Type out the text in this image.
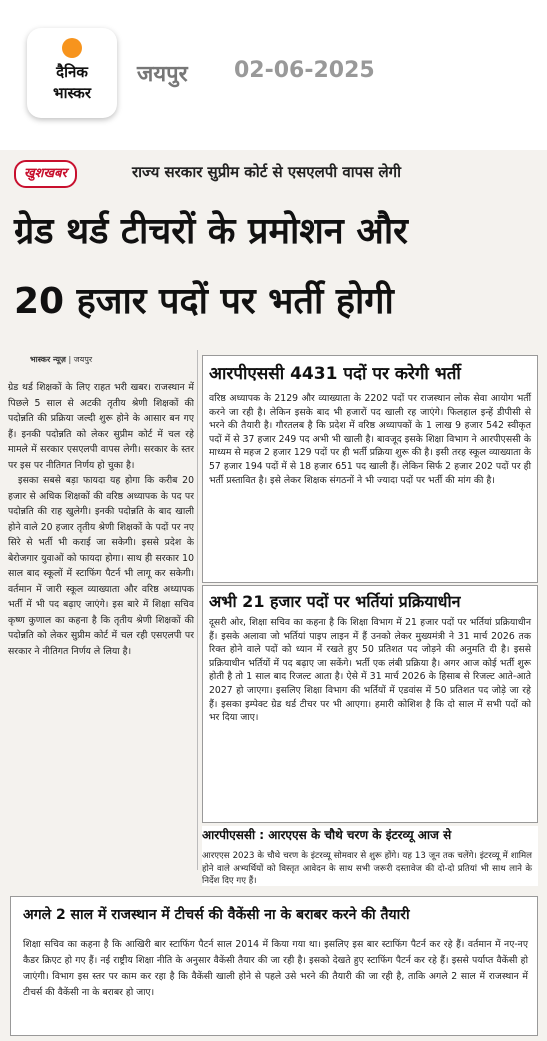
दैनिक
भास्कर
जयपुर 02-06-2025
खुशखबर	राज्य सरकार सुप्रीम कोर्ट से एसएलपी वापस लेगी
ग्रेड थर्ड टीचरों के प्रमोशन और
20 हजार पदों पर भर्ती होगी
भास्कर न्यूज़ | जयपुर

ग्रेड थर्ड शिक्षकों के लिए राहत भरी खबर। राजस्थान में पिछले 5 साल से अटकी तृतीय श्रेणी शिक्षकों की पदोन्नति की प्रक्रिया जल्दी शुरू होने के आसार बन गए हैं। इनकी पदोन्नति को लेकर सुप्रीम कोर्ट में चल रहे मामले में सरकार एसएलपी वापस लेगी। सरकार के स्तर पर इस पर नीतिगत निर्णय हो चुका है।

इसका सबसे बड़ा फायदा यह होगा कि करीब 20 हजार से अधिक शिक्षकों की वरिष्ठ अध्यापक के पद पर पदोन्नति की राह खुलेगी। इनकी पदोन्नति के बाद खाली होने वाले 20 हजार तृतीय श्रेणी शिक्षकों के पदों पर नए सिरे से भर्ती भी कराई जा सकेगी। इससे प्रदेश के बेरोजगार युवाओं को फायदा होगा। साथ ही सरकार 10 साल बाद स्कूलों में स्टाफिंग पैटर्न भी लागू कर सकेगी। वर्तमान में जारी स्कूल व्याख्याता और वरिष्ठ अध्यापक भर्ती में भी पद बढ़ाए जाएंगे। इस बारे में शिक्षा सचिव कृष्ण कुणाल का कहना है कि तृतीय श्रेणी शिक्षकों की पदोन्नति को लेकर सुप्रीम कोर्ट में चल रही एसएलपी पर सरकार ने नीतिगत निर्णय ले लिया है।

आरपीएससी 4431 पदों पर करेगी भर्ती
वरिष्ठ अध्यापक के 2129 और व्याख्याता के 2202 पदों पर राजस्थान लोक सेवा आयोग भर्ती करने जा रही है। लेकिन इसके बाद भी हजारों पद खाली रह जाएंगे। फिलहाल इन्हें डीपीसी से भरने की तैयारी है। गौरतलब है कि प्रदेश में वरिष्ठ अध्यापकों के 1 लाख 9 हजार 542 स्वीकृत पदों में से 37 हजार 249 पद अभी भी खाली है। बावजूद इसके शिक्षा विभाग ने आरपीएससी के माध्यम से महज 2 हजार 129 पदों पर ही भर्ती प्रक्रिया शुरू की है। इसी तरह स्कूल व्याख्याता के 57 हजार 194 पदों में से 18 हजार 651 पद खाली हैं। लेकिन सिर्फ 2 हजार 202 पदों पर ही भर्ती प्रस्तावित है। इसे लेकर शिक्षक संगठनों ने भी ज्यादा पदों पर भर्ती की मांग की है।
अभी 21 हजार पदों पर भर्तियां प्रक्रियाधीन
दूसरी ओर, शिक्षा सचिव का कहना है कि शिक्षा विभाग में 21 हजार पदों पर भर्तियां प्रक्रियाधीन हैं। इसके अलावा जो भर्तियां पाइप लाइन में हैं उनको लेकर मुख्यमंत्री ने 31 मार्च 2026 तक रिक्त होने वाले पदों को ध्यान में रखते हुए 50 प्रतिशत पद जोड़ने की अनुमति दी है। इससे प्रक्रियाधीन भर्तियों में पद बढ़ाए जा सकेंगे। भर्ती एक लंबी प्रक्रिया है। अगर आज कोई भर्ती शुरू होती है तो 1 साल बाद रिजल्ट आता है। ऐसे में 31 मार्च 2026 के हिसाब से रिजल्ट आते-आते 2027 हो जाएगा। इसलिए शिक्षा विभाग की भर्तियों में एडवांस में 50 प्रतिशत पद जोड़े जा रहे हैं। इसका इम्पेक्ट ग्रेड थर्ड टीचर पर भी आएगा। हमारी कोशिश है कि दो साल में सभी पदों को भर दिया जाए।
आरपीएससी : आरएएस के चौथे चरण के इंटरव्यू आज से
आरएएस 2023 के चौथे चरण के इंटरव्यू सोमवार से शुरू होंगे। यह 13 जून तक चलेंगे। इंटरव्यू में शामिल होने वाले अभ्यर्थियों को विस्तृत आवेदन के साथ सभी जरूरी दस्तावेज की दो-दो प्रतियां भी साथ लाने के निर्देश दिए गए हैं।
अगले 2 साल में राजस्थान में टीचर्स की वैकेंसी ना के बराबर करने की तैयारी
शिक्षा सचिव का कहना है कि आखिरी बार स्टाफिंग पैटर्न साल 2014 में किया गया था। इसलिए इस बार स्टाफिंग पैटर्न कर रहे हैं। वर्तमान में नए-नए कैडर क्रिएट हो गए हैं। नई राष्ट्रीय शिक्षा नीति के अनुसार वैकेंसी तैयार की जा रही है। इसको देखते हुए स्टाफिंग पैटर्न कर रहे हैं। इससे पर्याप्त वैकेंसी हो जाएंगी। विभाग इस स्तर पर काम कर रहा है कि वैकेंसी खाली होने से पहले उसे भरने की तैयारी की जा रही है, ताकि अगले 2 साल में राजस्थान में टीचर्स की वैकेंसी ना के बराबर हो जाए।
